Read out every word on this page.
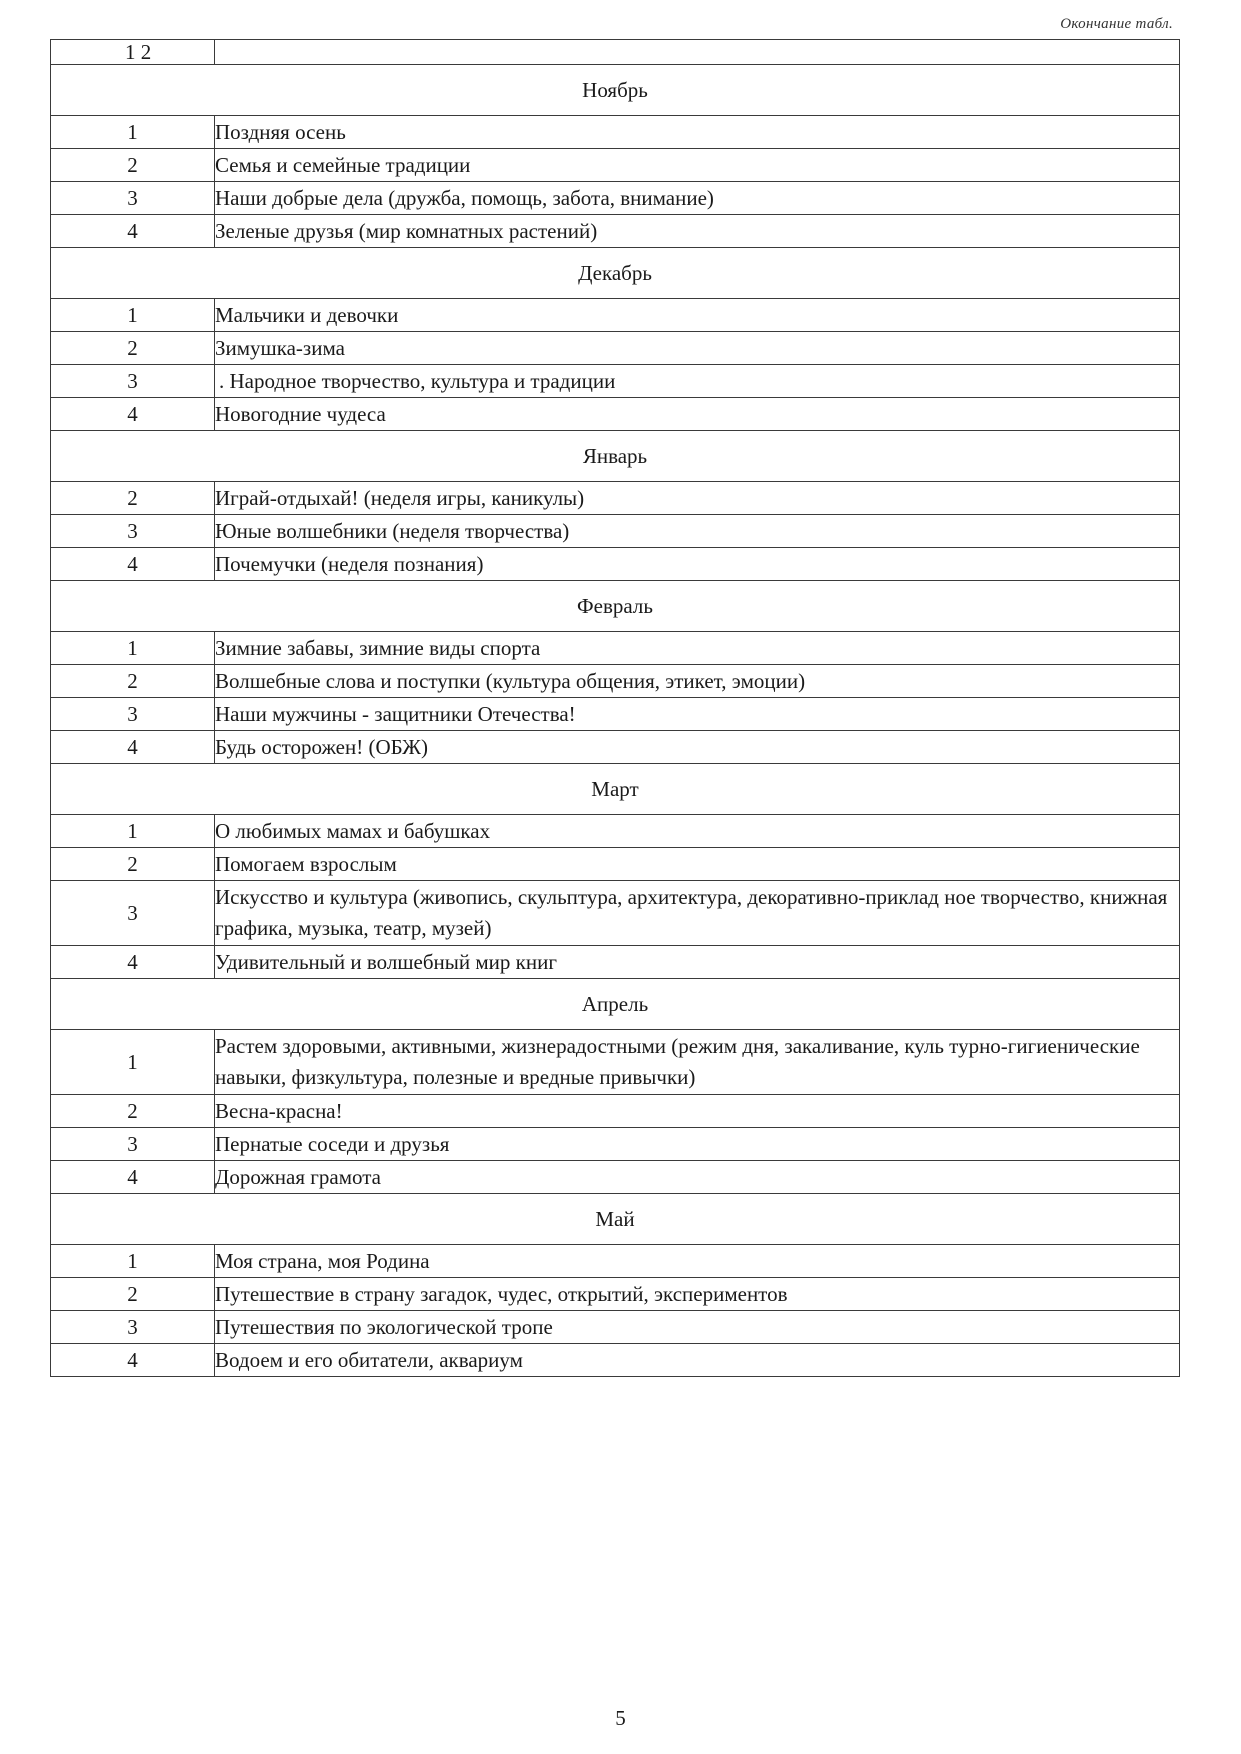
Окончание табл.
1 2	
Ноябрь	
1	Поздняя осень
2	Семья и семейные традиции
3	Наши добрые дела (дружба, помощь, забота, внимание)
4	Зеленые друзья (мир комнатных растений)
Декабрь	
1	Мальчики и девочки
2	Зимушка-зима
3	. Народное творчество, культура и традиции
4	Новогодние чудеса
Январь	
2	Играй-отдыхай! (неделя игры, каникулы)
3	Юные волшебники (неделя творчества)
4	Почемучки (неделя познания)
Февраль	
1	Зимние забавы, зимние виды спорта
2	Волшебные слова и поступки (культура общения, этикет, эмоции)
3	Наши мужчины - защитники Отечества!
4	Будь осторожен! (ОБЖ)
Март	
1	О любимых мамах и бабушках
2	Помогаем взрослым
3	Искусство и культура (живопись, скульптура, архитектура, декоративно-приклад ное творчество, книжная графика, музыка, театр, музей)
4	Удивительный и волшебный мир книг
Апрель	
1	Растем здоровыми, активными, жизнерадостными (режим дня, закаливание, куль турно-гигиенические навыки, физкультура, полезные и вредные привычки)
2	Весна-красна!
3	Пернатые соседи и друзья
4	Дорожная грамота
Май	
1	Моя страна, моя Родина
2	Путешествие в страну загадок, чудес, открытий, экспериментов
3	Путешествия по экологической тропе
4	Водоем и его обитатели, аквариум
5
